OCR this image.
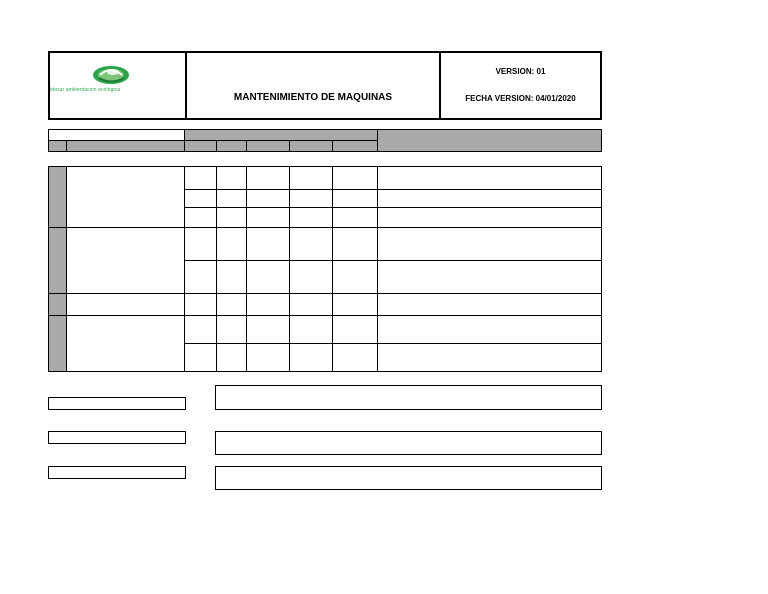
biosur ambientacion ecologica
MANTENIMIENTO DE MAQUINAS
VERSION: 01
FECHA VERSION: 04/01/2020
